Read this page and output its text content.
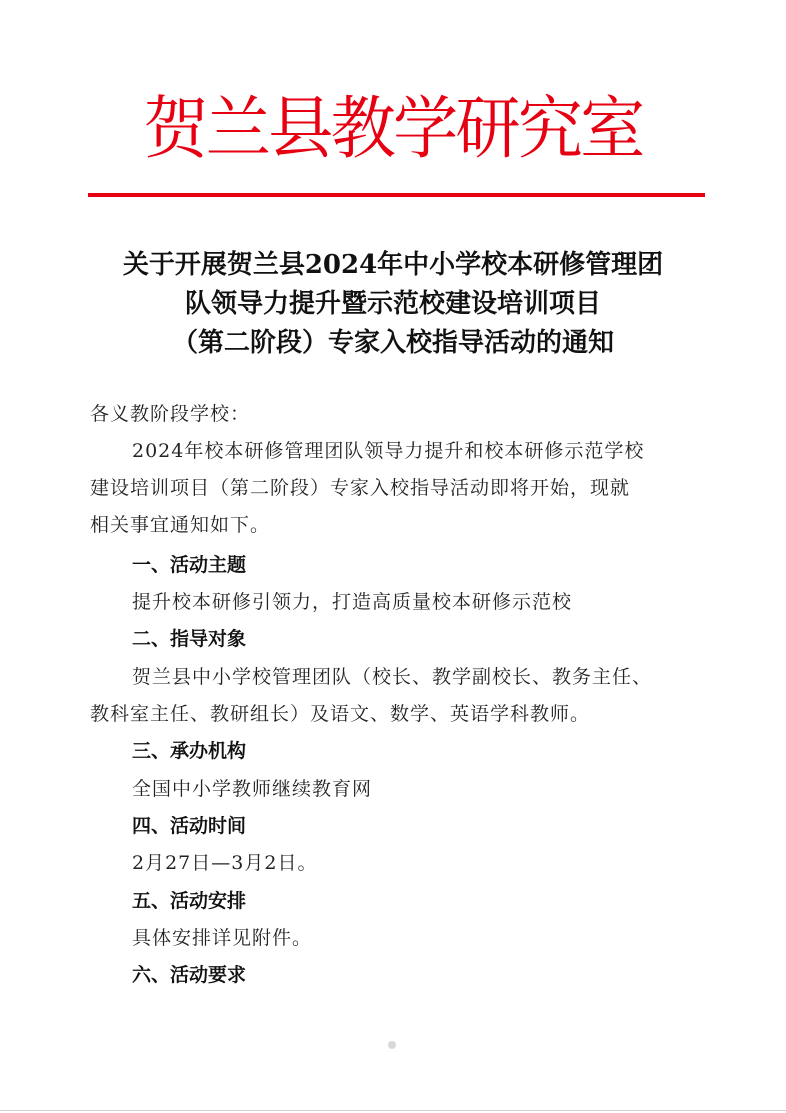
贺兰县教学研究室
关于开展贺兰县2024年中小学校本研修管理团
队领导力提升暨示范校建设培训项目
（第二阶段）专家入校指导活动的通知
各义教阶段学校：
2024年校本研修管理团队领导力提升和校本研修示范学校
建设培训项目（第二阶段）专家入校指导活动即将开始，现就
相关事宜通知如下。
一、活动主题
提升校本研修引领力，打造高质量校本研修示范校
二、指导对象
贺兰县中小学校管理团队（校长、教学副校长、教务主任、
教科室主任、教研组长）及语文、数学、英语学科教师。
三、承办机构
全国中小学教师继续教育网
四、活动时间
2月27日—3月2日。
五、活动安排
具体安排详见附件。
六、活动要求
